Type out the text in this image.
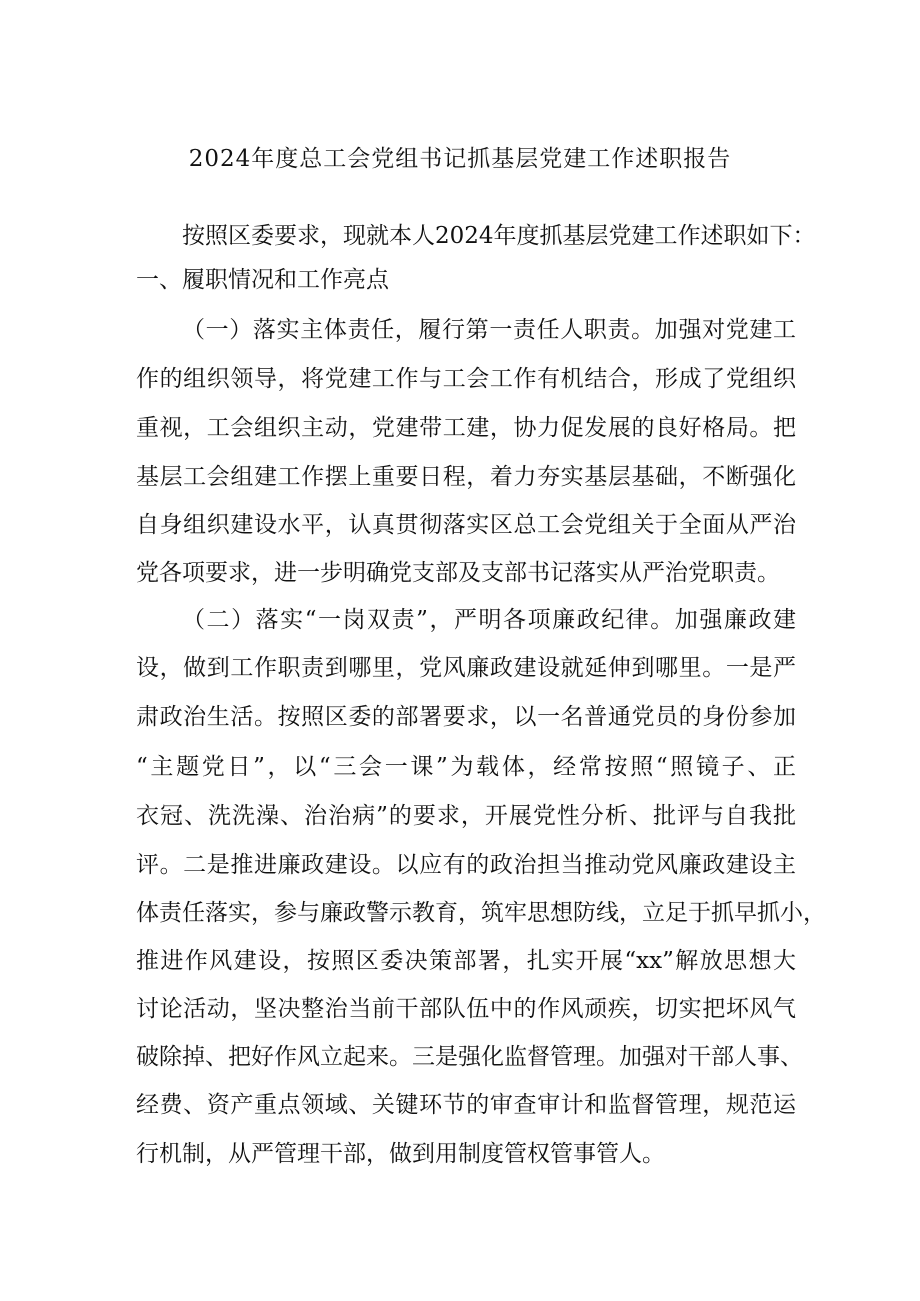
2024年度总工会党组书记抓基层党建工作述职报告
按照区委要求，现就本人2024年度抓基层党建工作述职如下：
一、履职情况和工作亮点
（一）落实主体责任，履行第一责任人职责。加强对党建工
作的组织领导，将党建工作与工会工作有机结合，形成了党组织
重视，工会组织主动，党建带工建，协力促发展的良好格局。把
基层工会组建工作摆上重要日程，着力夯实基层基础，不断强化
自身组织建设水平，认真贯彻落实区总工会党组关于全面从严治
党各项要求，进一步明确党支部及支部书记落实从严治党职责。
（二）落实“一岗双责”，严明各项廉政纪律。加强廉政建
设，做到工作职责到哪里，党风廉政建设就延伸到哪里。一是严
肃政治生活。按照区委的部署要求，以一名普通党员的身份参加
“主题党日”，以“三会一课”为载体，经常按照“照镜子、正
衣冠、洗洗澡、治治病”的要求，开展党性分析、批评与自我批
评。二是推进廉政建设。以应有的政治担当推动党风廉政建设主
体责任落实，参与廉政警示教育，筑牢思想防线，立足于抓早抓小，
推进作风建设，按照区委决策部署，扎实开展“xx”解放思想大
讨论活动，坚决整治当前干部队伍中的作风顽疾，切实把坏风气
破除掉、把好作风立起来。三是强化监督管理。加强对干部人事、
经费、资产重点领域、关键环节的审查审计和监督管理，规范运
行机制，从严管理干部，做到用制度管权管事管人。
